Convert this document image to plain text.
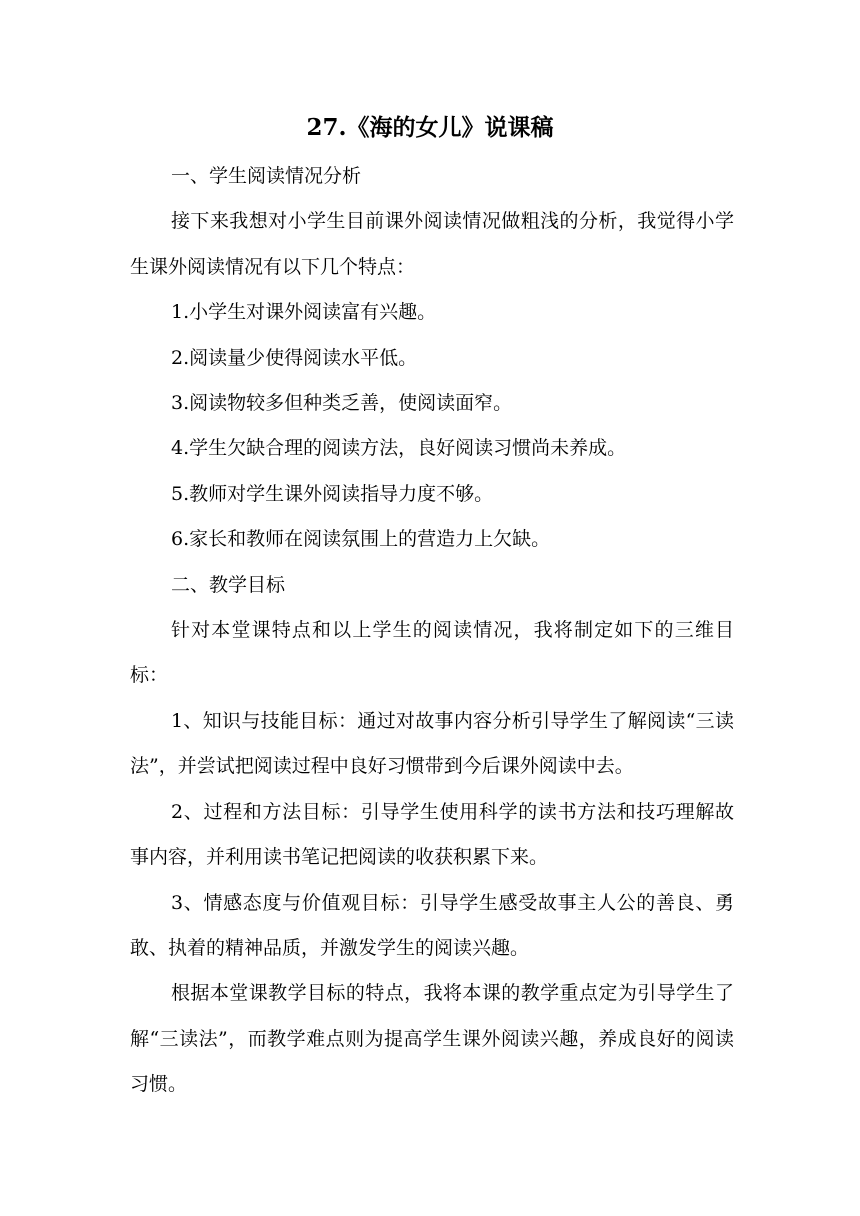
27.《海的女儿》说课稿

一、学生阅读情况分析

接下来我想对小学生目前课外阅读情况做粗浅的分析，我觉得小学生课外阅读情况有以下几个特点：

1.小学生对课外阅读富有兴趣。

2.阅读量少使得阅读水平低。

3.阅读物较多但种类乏善，使阅读面窄。

4.学生欠缺合理的阅读方法，良好阅读习惯尚未养成。

5.教师对学生课外阅读指导力度不够。

6.家长和教师在阅读氛围上的营造力上欠缺。

二、教学目标

针对本堂课特点和以上学生的阅读情况，我将制定如下的三维目标：

1、知识与技能目标：通过对故事内容分析引导学生了解阅读“三读法”，并尝试把阅读过程中良好习惯带到今后课外阅读中去。

2、过程和方法目标：引导学生使用科学的读书方法和技巧理解故事内容，并利用读书笔记把阅读的收获积累下来。

3、情感态度与价值观目标：引导学生感受故事主人公的善良、勇敢、执着的精神品质，并激发学生的阅读兴趣。

根据本堂课教学目标的特点，我将本课的教学重点定为引导学生了解“三读法”，而教学难点则为提高学生课外阅读兴趣，养成良好的阅读习惯。
